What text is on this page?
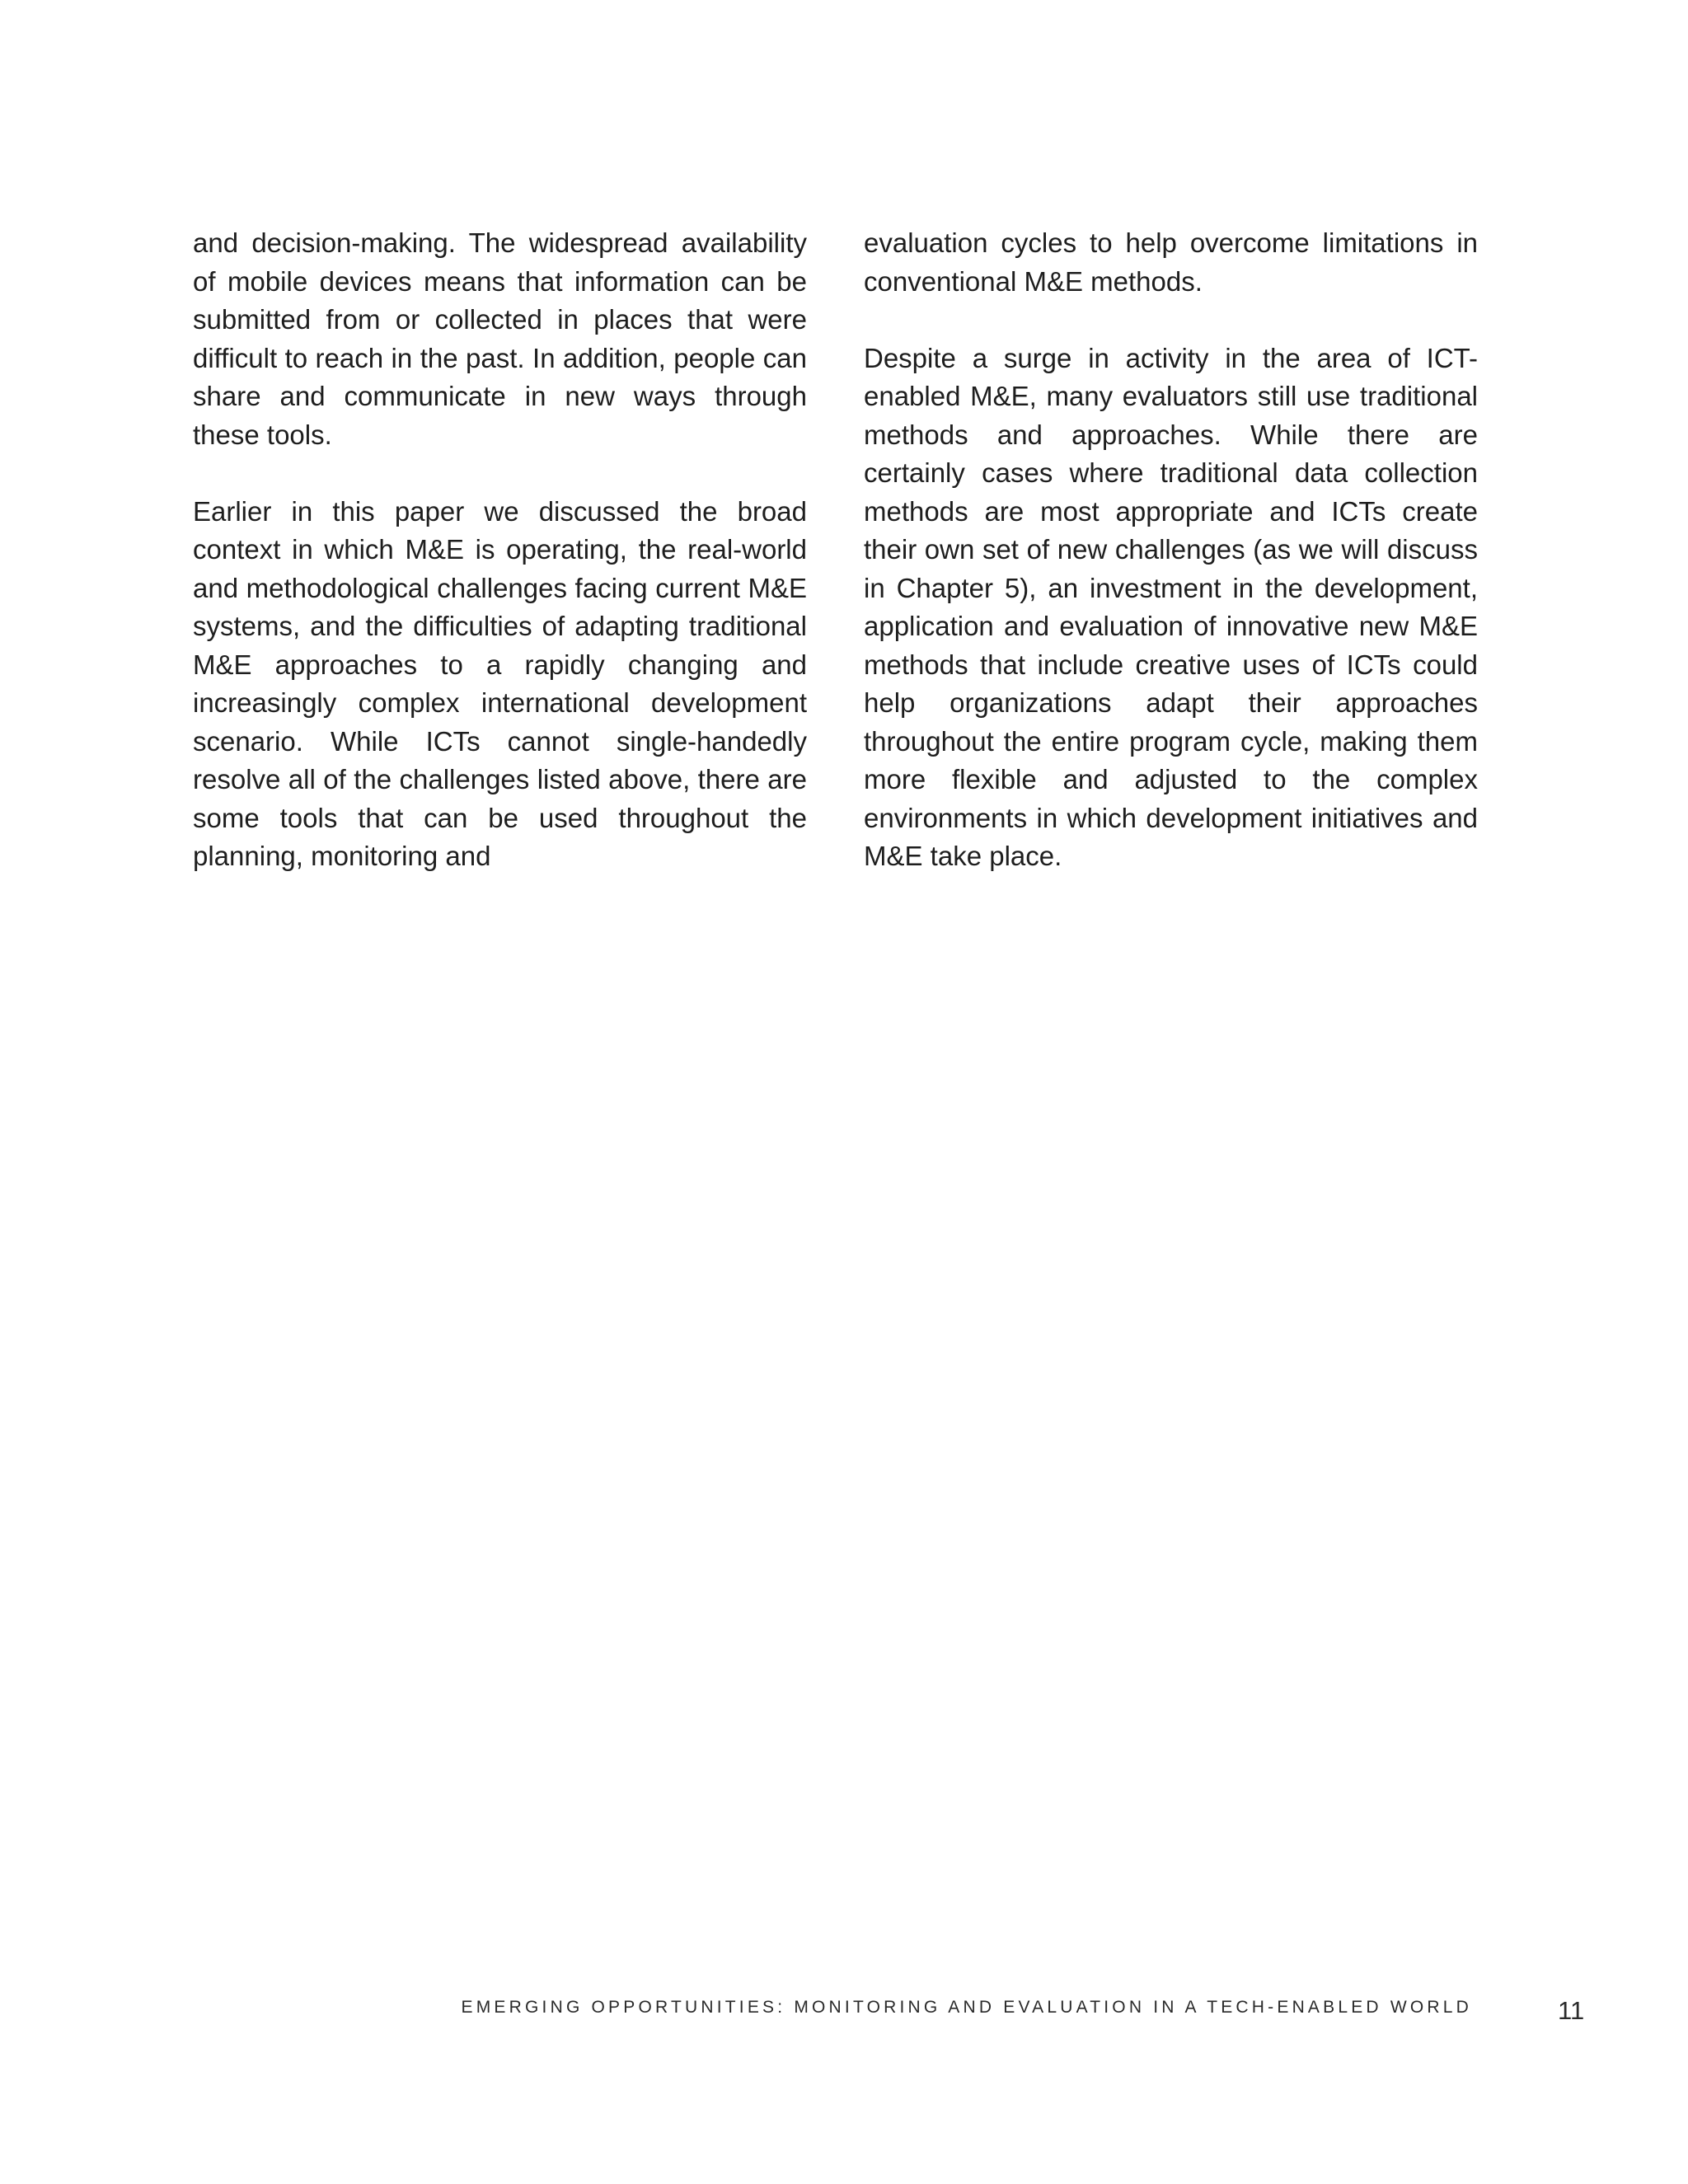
and decision-making. The widespread availability of mobile devices means that information can be submitted from or collected in places that were difficult to reach in the past. In addition, people can share and communicate in new ways through these tools.

Earlier in this paper we discussed the broad context in which M&E is operating, the real-world and methodological challenges facing current M&E systems, and the difficulties of adapting traditional M&E approaches to a rapidly changing and increasingly complex international development scenario. While ICTs cannot single-handedly resolve all of the challenges listed above, there are some tools that can be used throughout the planning, monitoring and

evaluation cycles to help overcome limitations in conventional M&E methods.

Despite a surge in activity in the area of ICT-enabled M&E, many evaluators still use traditional methods and approaches. While there are certainly cases where traditional data collection methods are most appropriate and ICTs create their own set of new challenges (as we will discuss in Chapter 5), an investment in the development, application and evaluation of innovative new M&E methods that include creative uses of ICTs could help organizations adapt their approaches throughout the entire program cycle, making them more flexible and adjusted to the complex environments in which development initiatives and M&E take place.

EMERGING OPPORTUNITIES: MONITORING AND EVALUATION IN A TECH-ENABLED WORLD	11
